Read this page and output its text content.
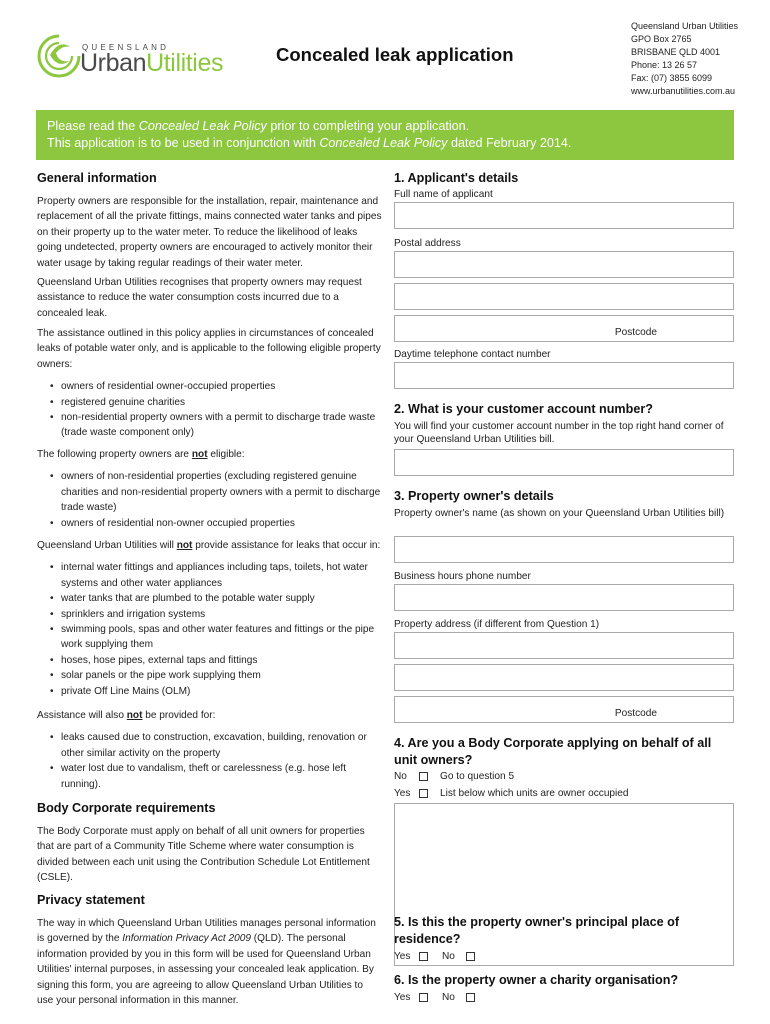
QUEENSLAND
UrbanUtilities	Concealed leak application
Queensland Urban Utilities
GPO Box 2765
BRISBANE QLD 4001
Phone: 13 26 57
Fax: (07) 3855 6099
www.urbanutilities.com.au
Please read the Concealed Leak Policy prior to completing your application.
This application is to be used in conjunction with Concealed Leak Policy dated February 2014.
General information

Property owners are responsible for the installation, repair, maintenance and replacement of all the private fittings, mains connected water tanks and pipes on their property up to the water meter. To reduce the likelihood of leaks going undetected, property owners are encouraged to actively monitor their water usage by taking regular readings of their water meter.

Queensland Urban Utilities recognises that property owners may request assistance to reduce the water consumption costs incurred due to a concealed leak.

The assistance outlined in this policy applies in circumstances of concealed leaks of potable water only, and is applicable to the following eligible property owners:

• owners of residential owner-occupied properties
• registered genuine charities
• non-residential property owners with a permit to discharge trade waste (trade waste component only)

The following property owners are not eligible:

• owners of non-residential properties (excluding registered genuine charities and non-residential property owners with a permit to discharge trade waste)
• owners of residential non-owner occupied properties

Queensland Urban Utilities will not provide assistance for leaks that occur in:

• internal water fittings and appliances including taps, toilets, hot water systems and other water appliances
• water tanks that are plumbed to the potable water supply
• sprinklers and irrigation systems
• swimming pools, spas and other water features and fittings or the pipe work supplying them
• hoses, hose pipes, external taps and fittings
• solar panels or the pipe work supplying them
• private Off Line Mains (OLM)

Assistance will also not be provided for:

• leaks caused due to construction, excavation, building, renovation or other similar activity on the property
• water lost due to vandalism, theft or carelessness (e.g. hose left running).
Body Corporate requirements

The Body Corporate must apply on behalf of all unit owners for properties that are part of a Community Title Scheme where water consumption is divided between each unit using the Contribution Schedule Lot Entitlement (CSLE).

Privacy statement

The way in which Queensland Urban Utilities manages personal information is governed by the Information Privacy Act 2009 (QLD). The personal information provided by you in this form will be used for Queensland Urban Utilities' internal purposes, in assessing your concealed leak application. By signing this form, you are agreeing to allow Queensland Urban Utilities to use your personal information in this manner.

1. Applicant's details
Full name of applicant
Postal address
Postcode
Daytime telephone contact number
2. What is your customer account number?
You will find your customer account number in the top right hand corner of your Queensland Urban Utilities bill.
3. Property owner's details
Property owner's name (as shown on your Queensland Urban Utilities bill)
Business hours phone number
Property address (if different from Question 1)
Postcode
4. Are you a Body Corporate applying on behalf of all unit owners?
No	Go to question 5
Yes	List below which units are owner occupied
5. Is this the property owner's principal place of residence?
Yes	No
6. Is the property owner a charity organisation?
Yes	No
